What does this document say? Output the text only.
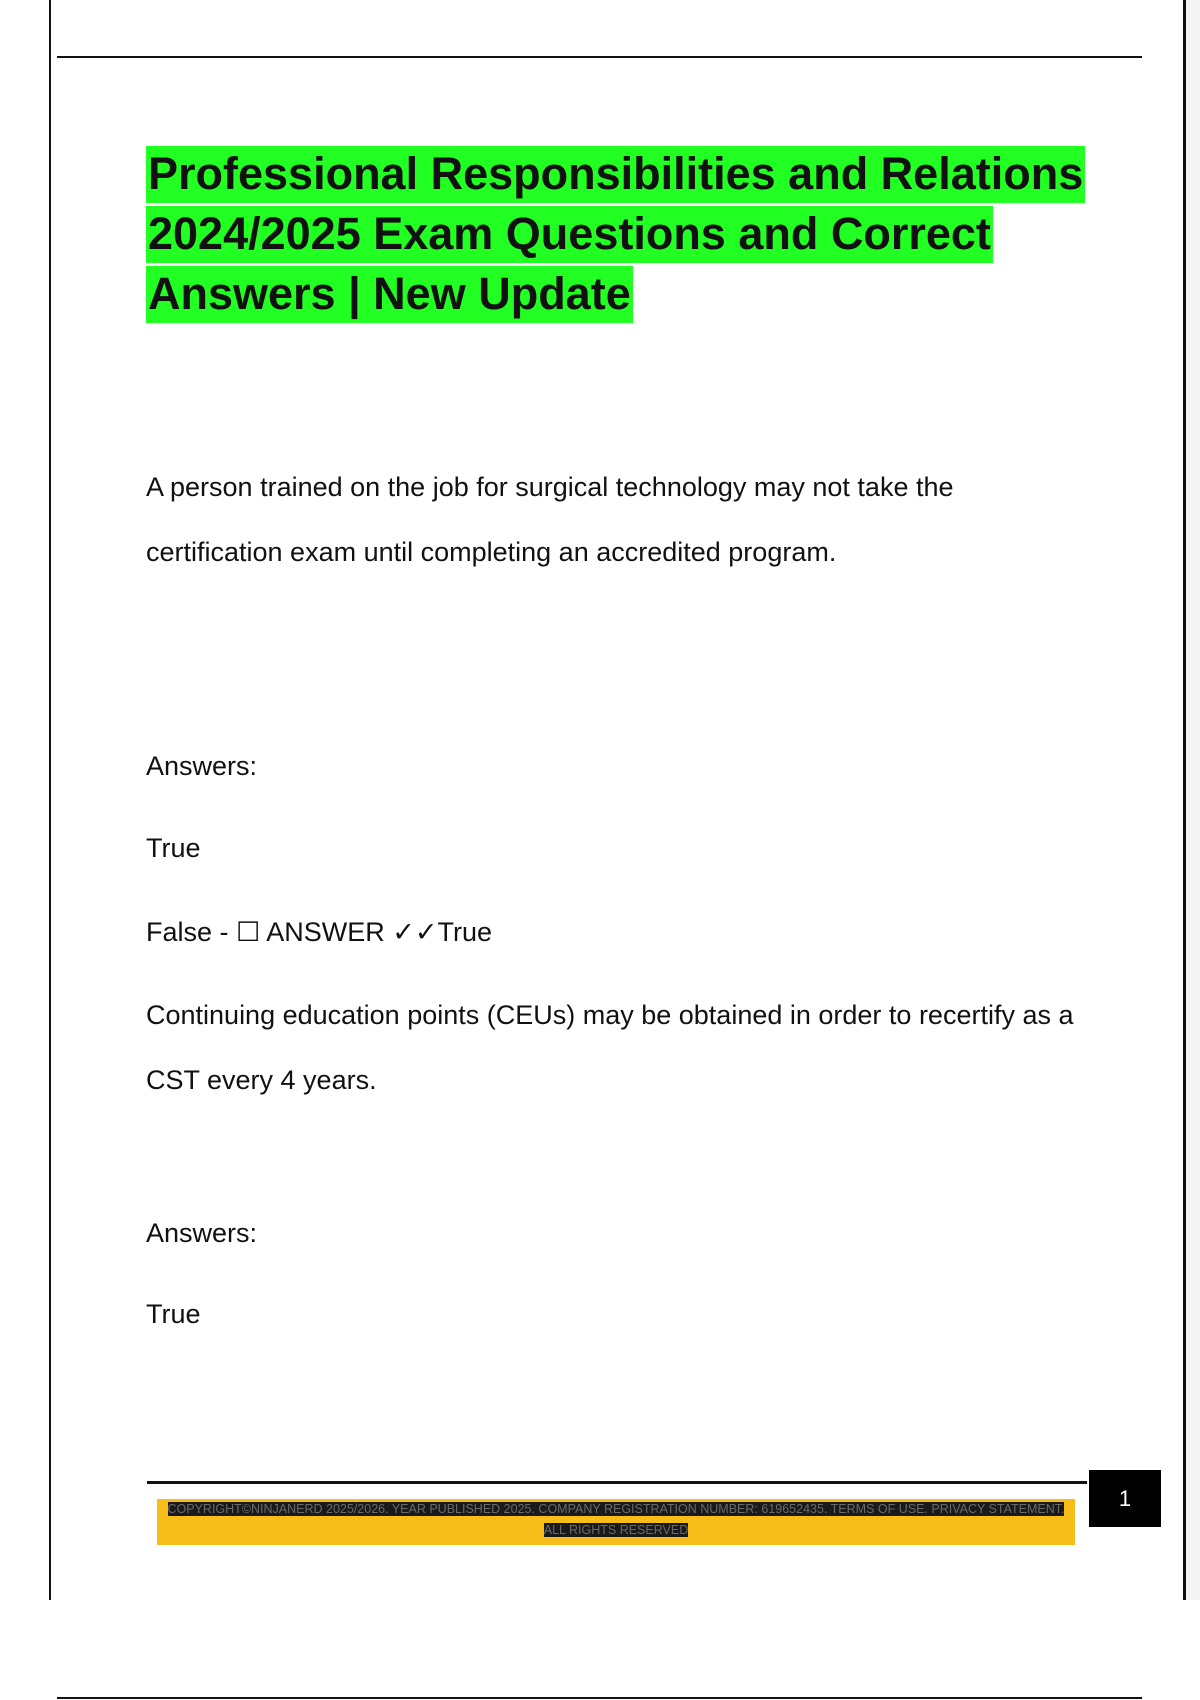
Professional Responsibilities and Relations 2024/2025 Exam Questions and Correct Answers | New Update

A person trained on the job for surgical technology may not take the certification exam until completing an accredited program.

Answers:

True

False - ☐ ANSWER ✓✓True

Continuing education points (CEUs) may be obtained in order to recertify as a CST every 4 years.

Answers:

True

COPYRIGHT©NINJANERD 2025/2026. YEAR PUBLISHED 2025. COMPANY REGISTRATION NUMBER: 619652435. TERMS OF USE. PRIVACY STATEMENT. ALL RIGHTS RESERVED
1
